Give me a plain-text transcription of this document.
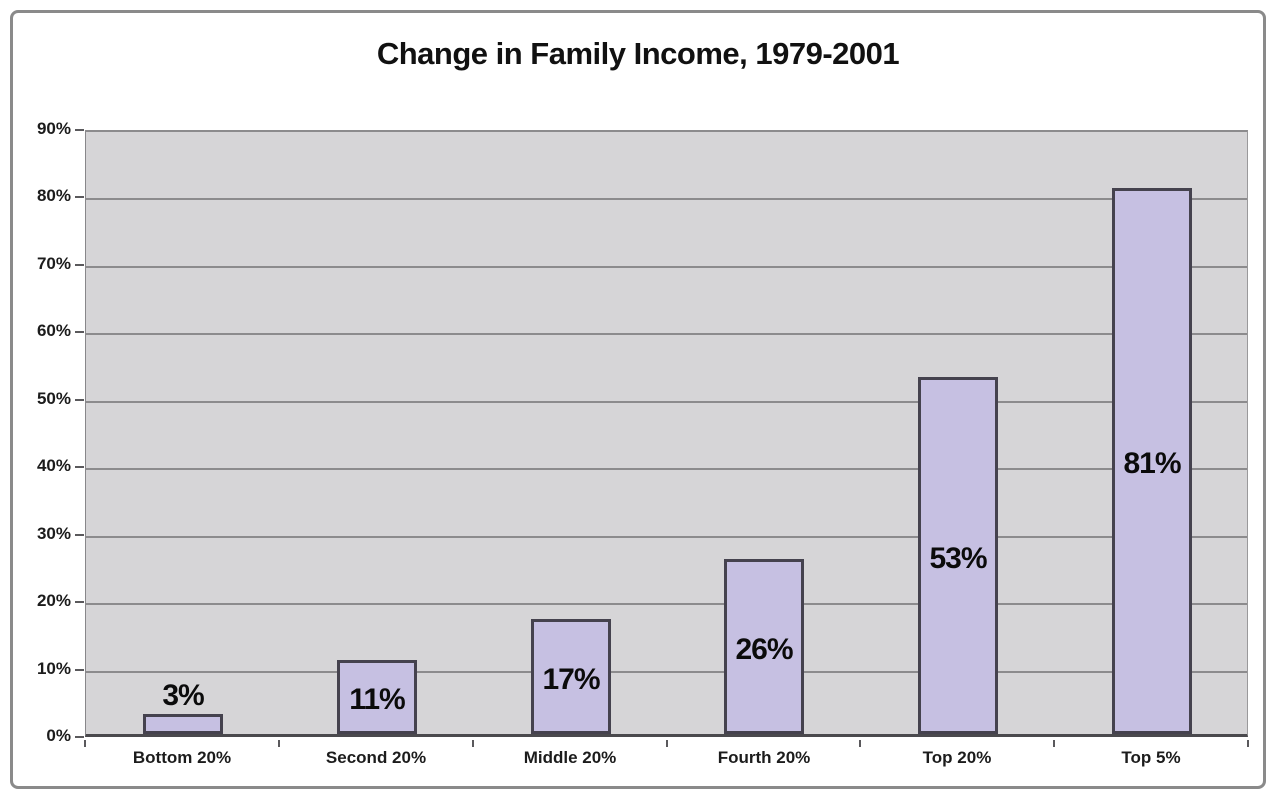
Change in Family Income, 1979-2001
3%	11%
17%
26%
53%
81%
0%
10%
20%
30%
40%
50%
60%
70%
80%
90%
Bottom 20%	Second 20%	Middle 20%	Fourth 20%	Top 20%	Top 5%
